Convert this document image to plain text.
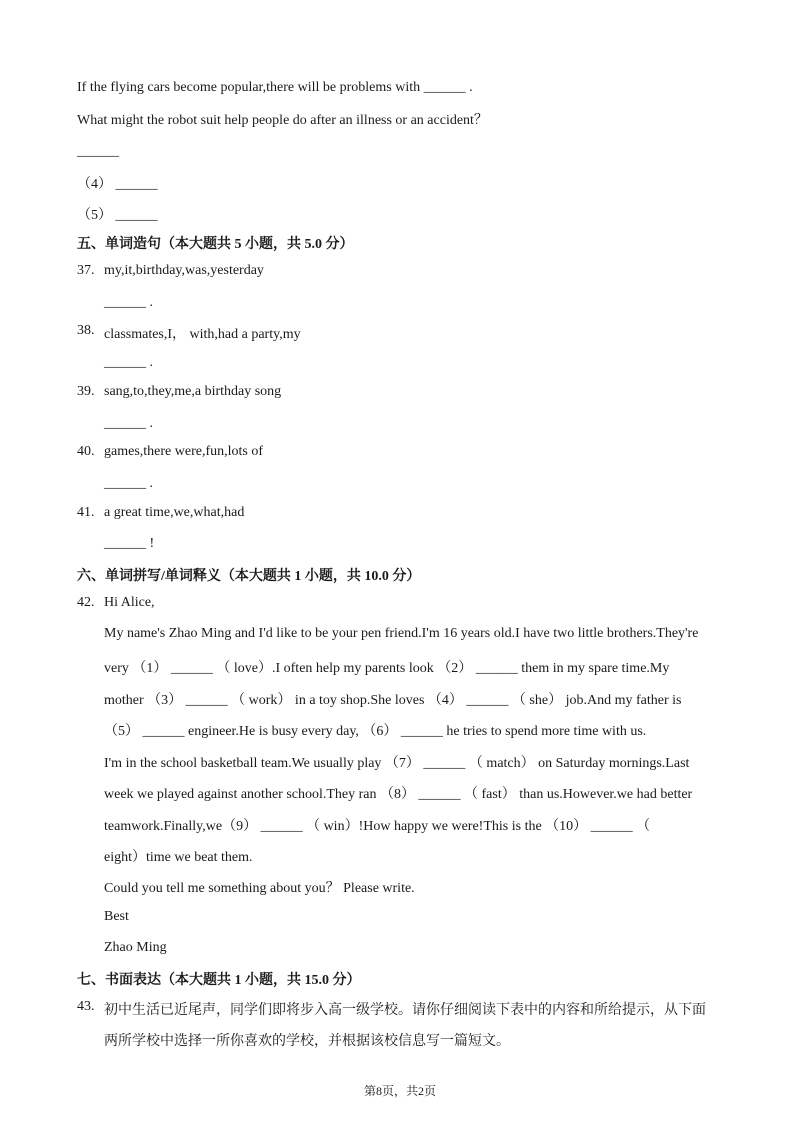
If the flying cars become popular,there will be problems with ______ .
What might the robot suit help people do after an illness or an accident？
______
（4） ______
（5） ______
五、单词造句（本大题共 5 小题，共 5.0 分）
37. my,it,birthday,was,yesterday
______ .
38. classmates,I， with,had a party,my
______ .
39. sang,to,they,me,a birthday song
______ .
40. games,there were,fun,lots of
______ .
41. a great time,we,what,had
______ !
六、单词拼写/单词释义（本大题共 1 小题，共 10.0 分）
42. Hi Alice,
My name's Zhao Ming and I'd like to be your pen friend.I'm 16 years old.I have two little brothers.They're
very （1） ______ （ love）.I often help my parents look （2） ______ them in my spare time.My
mother （3） ______ （ work） in a toy shop.She loves （4） ______ （ she） job.And my father is
（5） ______ engineer.He is busy every day, （6） ______ he tries to spend more time with us.
I'm in the school basketball team.We usually play （7） ______ （ match） on Saturday mornings.Last
week we played against another school.They ran （8） ______ （ fast） than us.However.we had better
teamwork.Finally,we（9） ______ （ win）!How happy we were!This is the （10） ______ （
eight）time we beat them.
Could you tell me something about you？ Please write.
Best
Zhao Ming
七、书面表达（本大题共 1 小题，共 15.0 分）
43. 初中生活已近尾声，同学们即将步入高一级学校。请你仔细阅读下表中的内容和所给提示，从下面
两所学校中选择一所你喜欢的学校，并根据该校信息写一篇短文。
第8页，共2页
